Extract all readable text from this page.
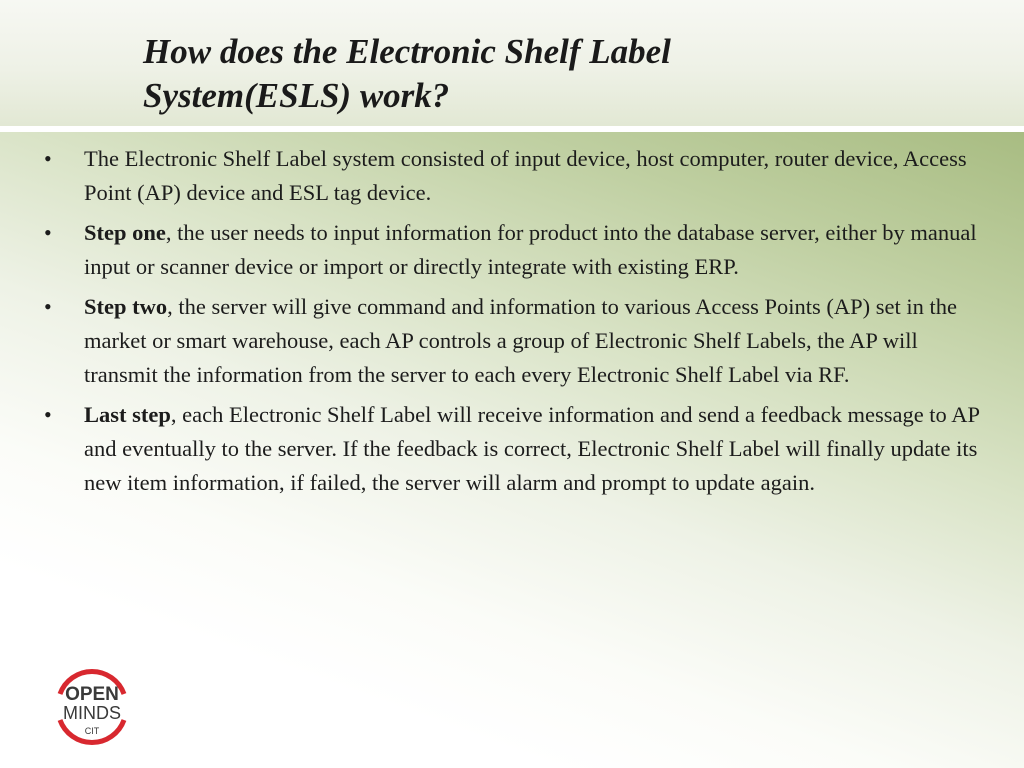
How does the Electronic Shelf Label
System(ESLS) work?
• The Electronic Shelf Label system consisted of input device, host computer, router device, Access Point (AP) device and ESL tag device.
• Step one, the user needs to input information for product into the database server, either by manual input or scanner device or import or directly integrate with existing ERP.
• Step two, the server will give command and information to various Access Points (AP) set in the market or smart warehouse, each AP controls a group of Electronic Shelf Labels, the AP will transmit the information from the server to each every Electronic Shelf Label via RF.
• Last step, each Electronic Shelf Label will receive information and send a feedback message to AP and eventually to the server. If the feedback is correct, Electronic Shelf Label will finally update its new item information, if failed, the server will alarm and prompt to update again.
OPEN
MINDS
CIT
